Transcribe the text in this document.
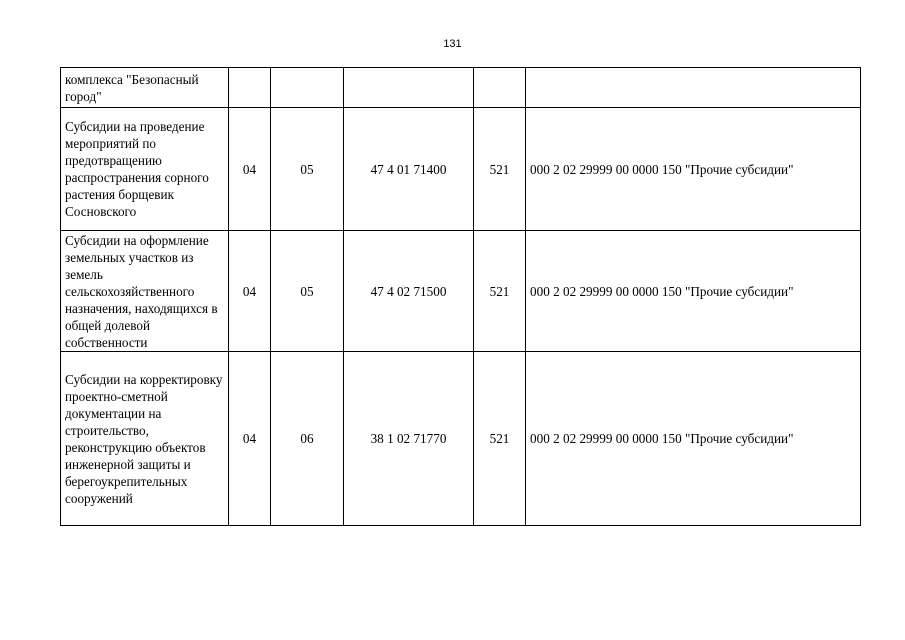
131
комплекса "Безопасный город"					
Субсидии на проведение мероприятий по предотвращению распространения сорного растения борщевик Сосновского	04	05	47 4 01 71400	521	000 2 02 29999 00 0000 150 "Прочие субсидии"
Субсидии на оформление земельных участков из земель сельскохозяйственного назначения, находящихся в общей долевой собственности	04	05	47 4 02 71500	521	000 2 02 29999 00 0000 150 "Прочие субсидии"
Субсидии на корректировку проектно-сметной документации на строительство, реконструкцию объектов инженерной защиты и берегоукрепительных сооружений	04	06	38 1 02 71770	521	000 2 02 29999 00 0000 150 "Прочие субсидии"
